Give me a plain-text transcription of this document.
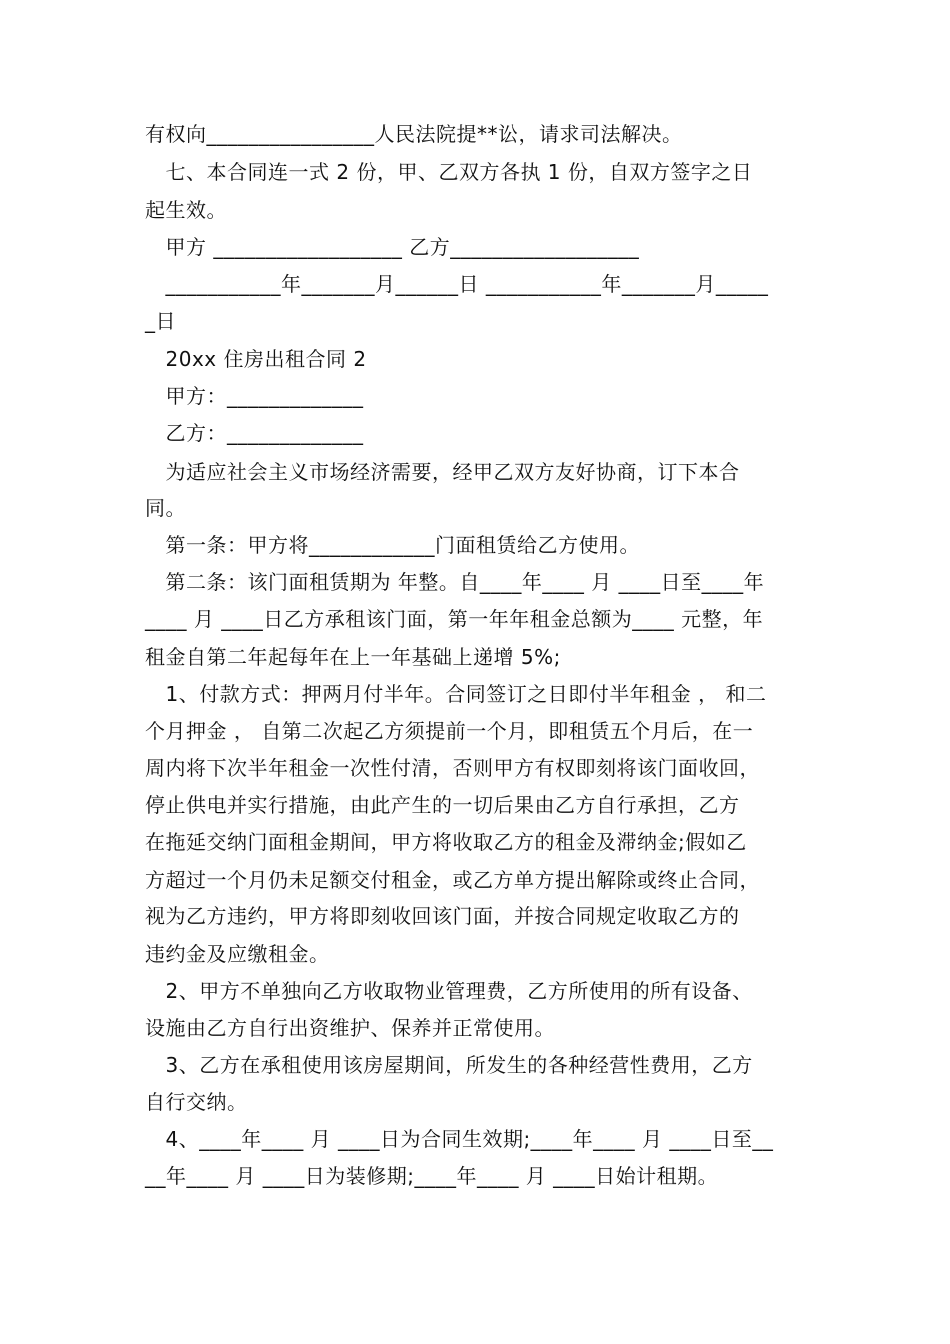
有权向________________人民法院提**讼，请求司法解决。
　七、本合同连一式 2 份，甲、乙双方各执 1 份，自双方签字之日
起生效。
　甲方 __________________ 乙方__________________
　___________年_______月______日 ___________年_______月_____
_日
　20xx 住房出租合同 2
　甲方：_____________
　乙方：_____________
　为适应社会主义市场经济需要，经甲乙双方友好协商，订下本合
同。
　第一条：甲方将____________门面租赁给乙方使用。
　第二条：该门面租赁期为 年整。自____年____ 月 ____日至____年
____ 月 ____日乙方承租该门面，第一年年租金总额为____ 元整，年
租金自第二年起每年在上一年基础上递增 5%;
　1、付款方式：押两月付半年。合同签订之日即付半年租金 ， 和二
个月押金 ， 自第二次起乙方须提前一个月，即租赁五个月后，在一
周内将下次半年租金一次性付清，否则甲方有权即刻将该门面收回，
停止供电并实行措施，由此产生的一切后果由乙方自行承担，乙方
在拖延交纳门面租金期间，甲方将收取乙方的租金及滞纳金;假如乙
方超过一个月仍未足额交付租金，或乙方单方提出解除或终止合同，
视为乙方违约，甲方将即刻收回该门面，并按合同规定收取乙方的
违约金及应缴租金。
　2、甲方不单独向乙方收取物业管理费，乙方所使用的所有设备、
设施由乙方自行出资维护、保养并正常使用。
　3、乙方在承租使用该房屋期间，所发生的各种经营性费用，乙方
自行交纳。
　4、____年____ 月 ____日为合同生效期;____年____ 月 ____日至__
__年____ 月 ____日为装修期;____年____ 月 ____日始计租期。
